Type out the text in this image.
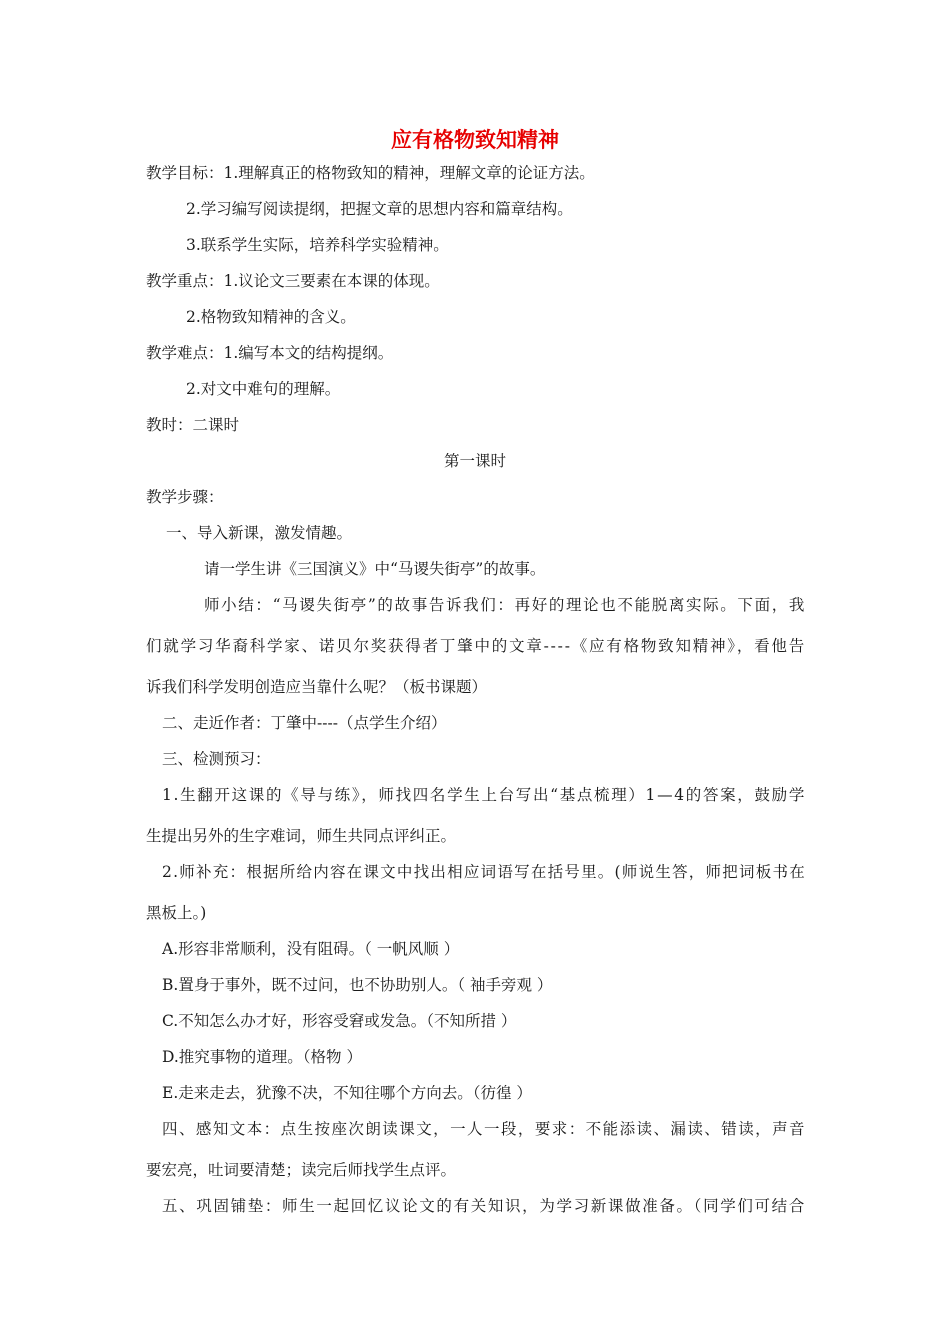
应有格物致知精神
教学目标：1.理解真正的格物致知的精神，理解文章的论证方法。
2.学习编写阅读提纲，把握文章的思想内容和篇章结构。
3.联系学生实际，培养科学实验精神。
教学重点：1.议论文三要素在本课的体现。
2.格物致知精神的含义。
教学难点：1.编写本文的结构提纲。
2.对文中难句的理解。
教时：二课时
第一课时
教学步骤：
一、导入新课，激发情趣。
请一学生讲《三国演义》中“马谡失街亭”的故事。
师小结：“马谡失街亭”的故事告诉我们：再好的理论也不能脱离实际。下面，我
们就学习华裔科学家、诺贝尔奖获得者丁肇中的文章----《应有格物致知精神》，看他告
诉我们科学发明创造应当靠什么呢？（板书课题）
二、走近作者：丁肇中----（点学生介绍）
三、检测预习：
1.生翻开这课的《导与练》，师找四名学生上台写出“基点梳理）1—4的答案，鼓励学
生提出另外的生字难词，师生共同点评纠正。
2.师补充：根据所给内容在课文中找出相应词语写在括号里。(师说生答，师把词板书在
黑板上。)
A.形容非常顺利，没有阻碍。（ 一帆风顺 ）
B.置身于事外，既不过问，也不协助别人。（ 袖手旁观 ）
C.不知怎么办才好，形容受窘或发急。（不知所措 ）
D.推究事物的道理。（格物 ）
E.走来走去，犹豫不决，不知往哪个方向去。（彷徨 ）
四、感知文本：点生按座次朗读课文，一人一段，要求：不能添读、漏读、错读，声音
要宏亮，吐词要清楚；读完后师找学生点评。
五、巩固铺垫：师生一起回忆议论文的有关知识，为学习新课做准备。（同学们可结合
